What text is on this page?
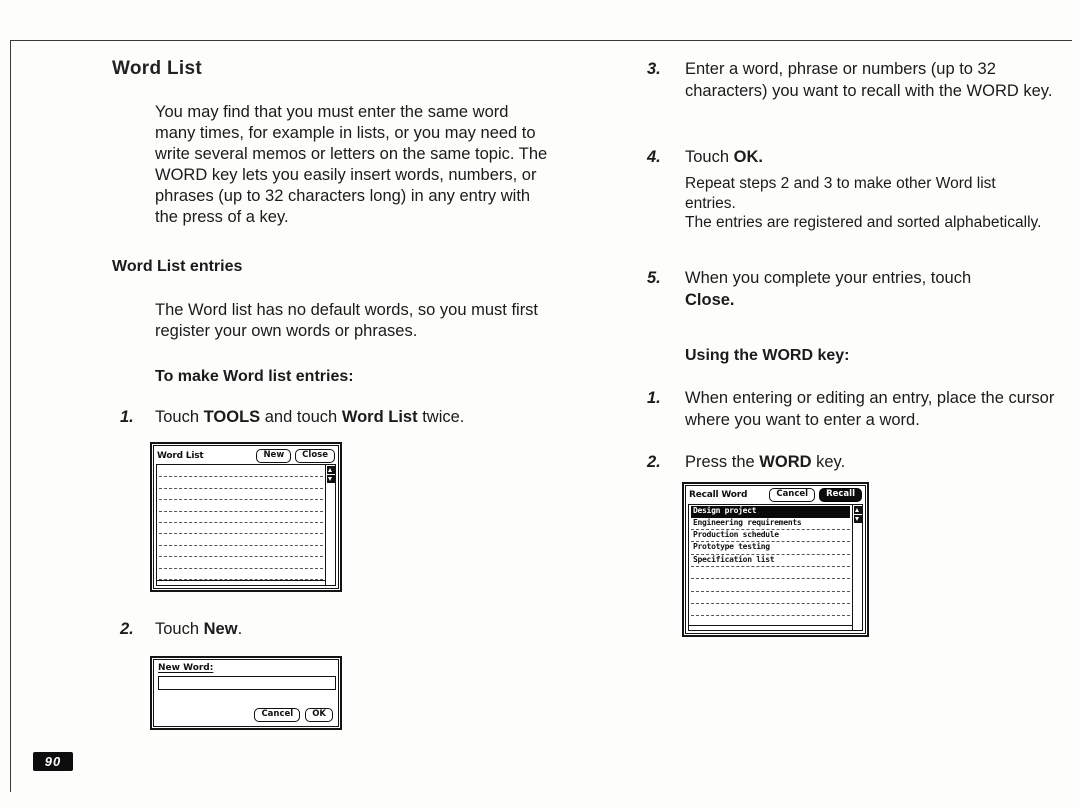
Word List

You may find that you must enter the same word many times, for example in lists, or you may need to write several memos or letters on the same topic. The WORD key lets you easily insert words, numbers, or phrases (up to 32 characters long) in any entry with the press of a key.

Word List entries

The Word list has no default words, so you must first register your own words or phrases.

To make Word list entries:
1. Touch TOOLS and touch Word List twice.
Word List	New	Close
2. Touch New.
New Word:
Cancel	OK
3. Enter a word, phrase or numbers (up to 32 characters) you want to recall with the WORD key.
4. Touch OK.
Repeat steps 2 and 3 to make other Word list entries.
The entries are registered and sorted alphabetically.
5. When you complete your entries, touch
Close.
Using the WORD key:
1. When entering or editing an entry, place the cursor where you want to enter a word.
2. Press the WORD key.
Recall Word	Cancel	Recall
Design project
Engineering requirements
Production schedule
Prototype testing
Specification list
90
